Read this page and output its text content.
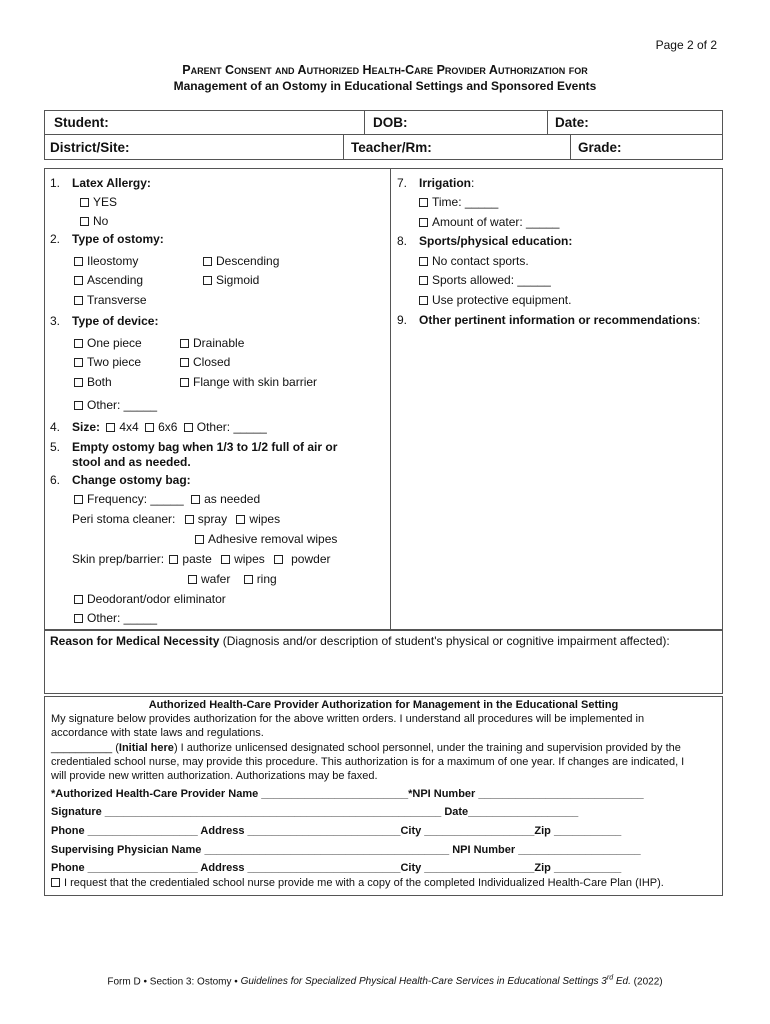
Page 2 of 2
Parent Consent and Authorized Health-Care Provider Authorization for
Management of an Ostomy in Educational Settings and Sponsored Events
Student:	DOB:	Date:
District/Site:	Teacher/Rm:	Grade:
1. Latex Allergy:
YES
No
2. Type of ostomy:
Ileostomy
Ascending
Transverse
Descending
Sigmoid
3. Type of device:
One piece
Two piece
Both
Drainable
Closed
Flange with skin barrier
Other: _____
4. Size: 4x4 6x6 Other: _____
5. Empty ostomy bag when 1/3 to 1/2 full of air or
stool and as needed.
6. Change ostomy bag:
Frequency: _____ as needed
Peri stoma cleaner: spray wipes
Adhesive removal wipes
Skin prep/barrier: paste wipes powder
wafer ring
Deodorant/odor eliminator
Other: _____
7. Irrigation:
Time: _____
Amount of water: _____
8. Sports/physical education:
No contact sports.
Sports allowed: _____
Use protective equipment.
9. Other pertinent information or recommendations:
Reason for Medical Necessity (Diagnosis and/or description of student's physical or cognitive impairment affected):
Authorized Health-Care Provider Authorization for Management in the Educational Setting
My signature below provides authorization for the above written orders. I understand all procedures will be implemented in
accordance with state laws and regulations.
__________ (Initial here) I authorize unlicensed designated school personnel, under the training and supervision provided by the
credentialed school nurse, may provide this procedure. This authorization is for a maximum of one year. If changes are indicated, I
will provide new written authorization. Authorizations may be faxed.
*Authorized Health-Care Provider Name ________________________*NPI Number ___________________________
Signature _______________________________________________________ Date__________________
Phone __________________ Address _________________________City __________________Zip ___________
Supervising Physician Name ________________________________________ NPI Number ____________________
Phone __________________ Address _________________________City __________________Zip ___________
I request that the credentialed school nurse provide me with a copy of the completed Individualized Health-Care Plan (IHP).
Form D • Section 3: Ostomy • Guidelines for Specialized Physical Health-Care Services in Educational Settings 3rd Ed. (2022)
